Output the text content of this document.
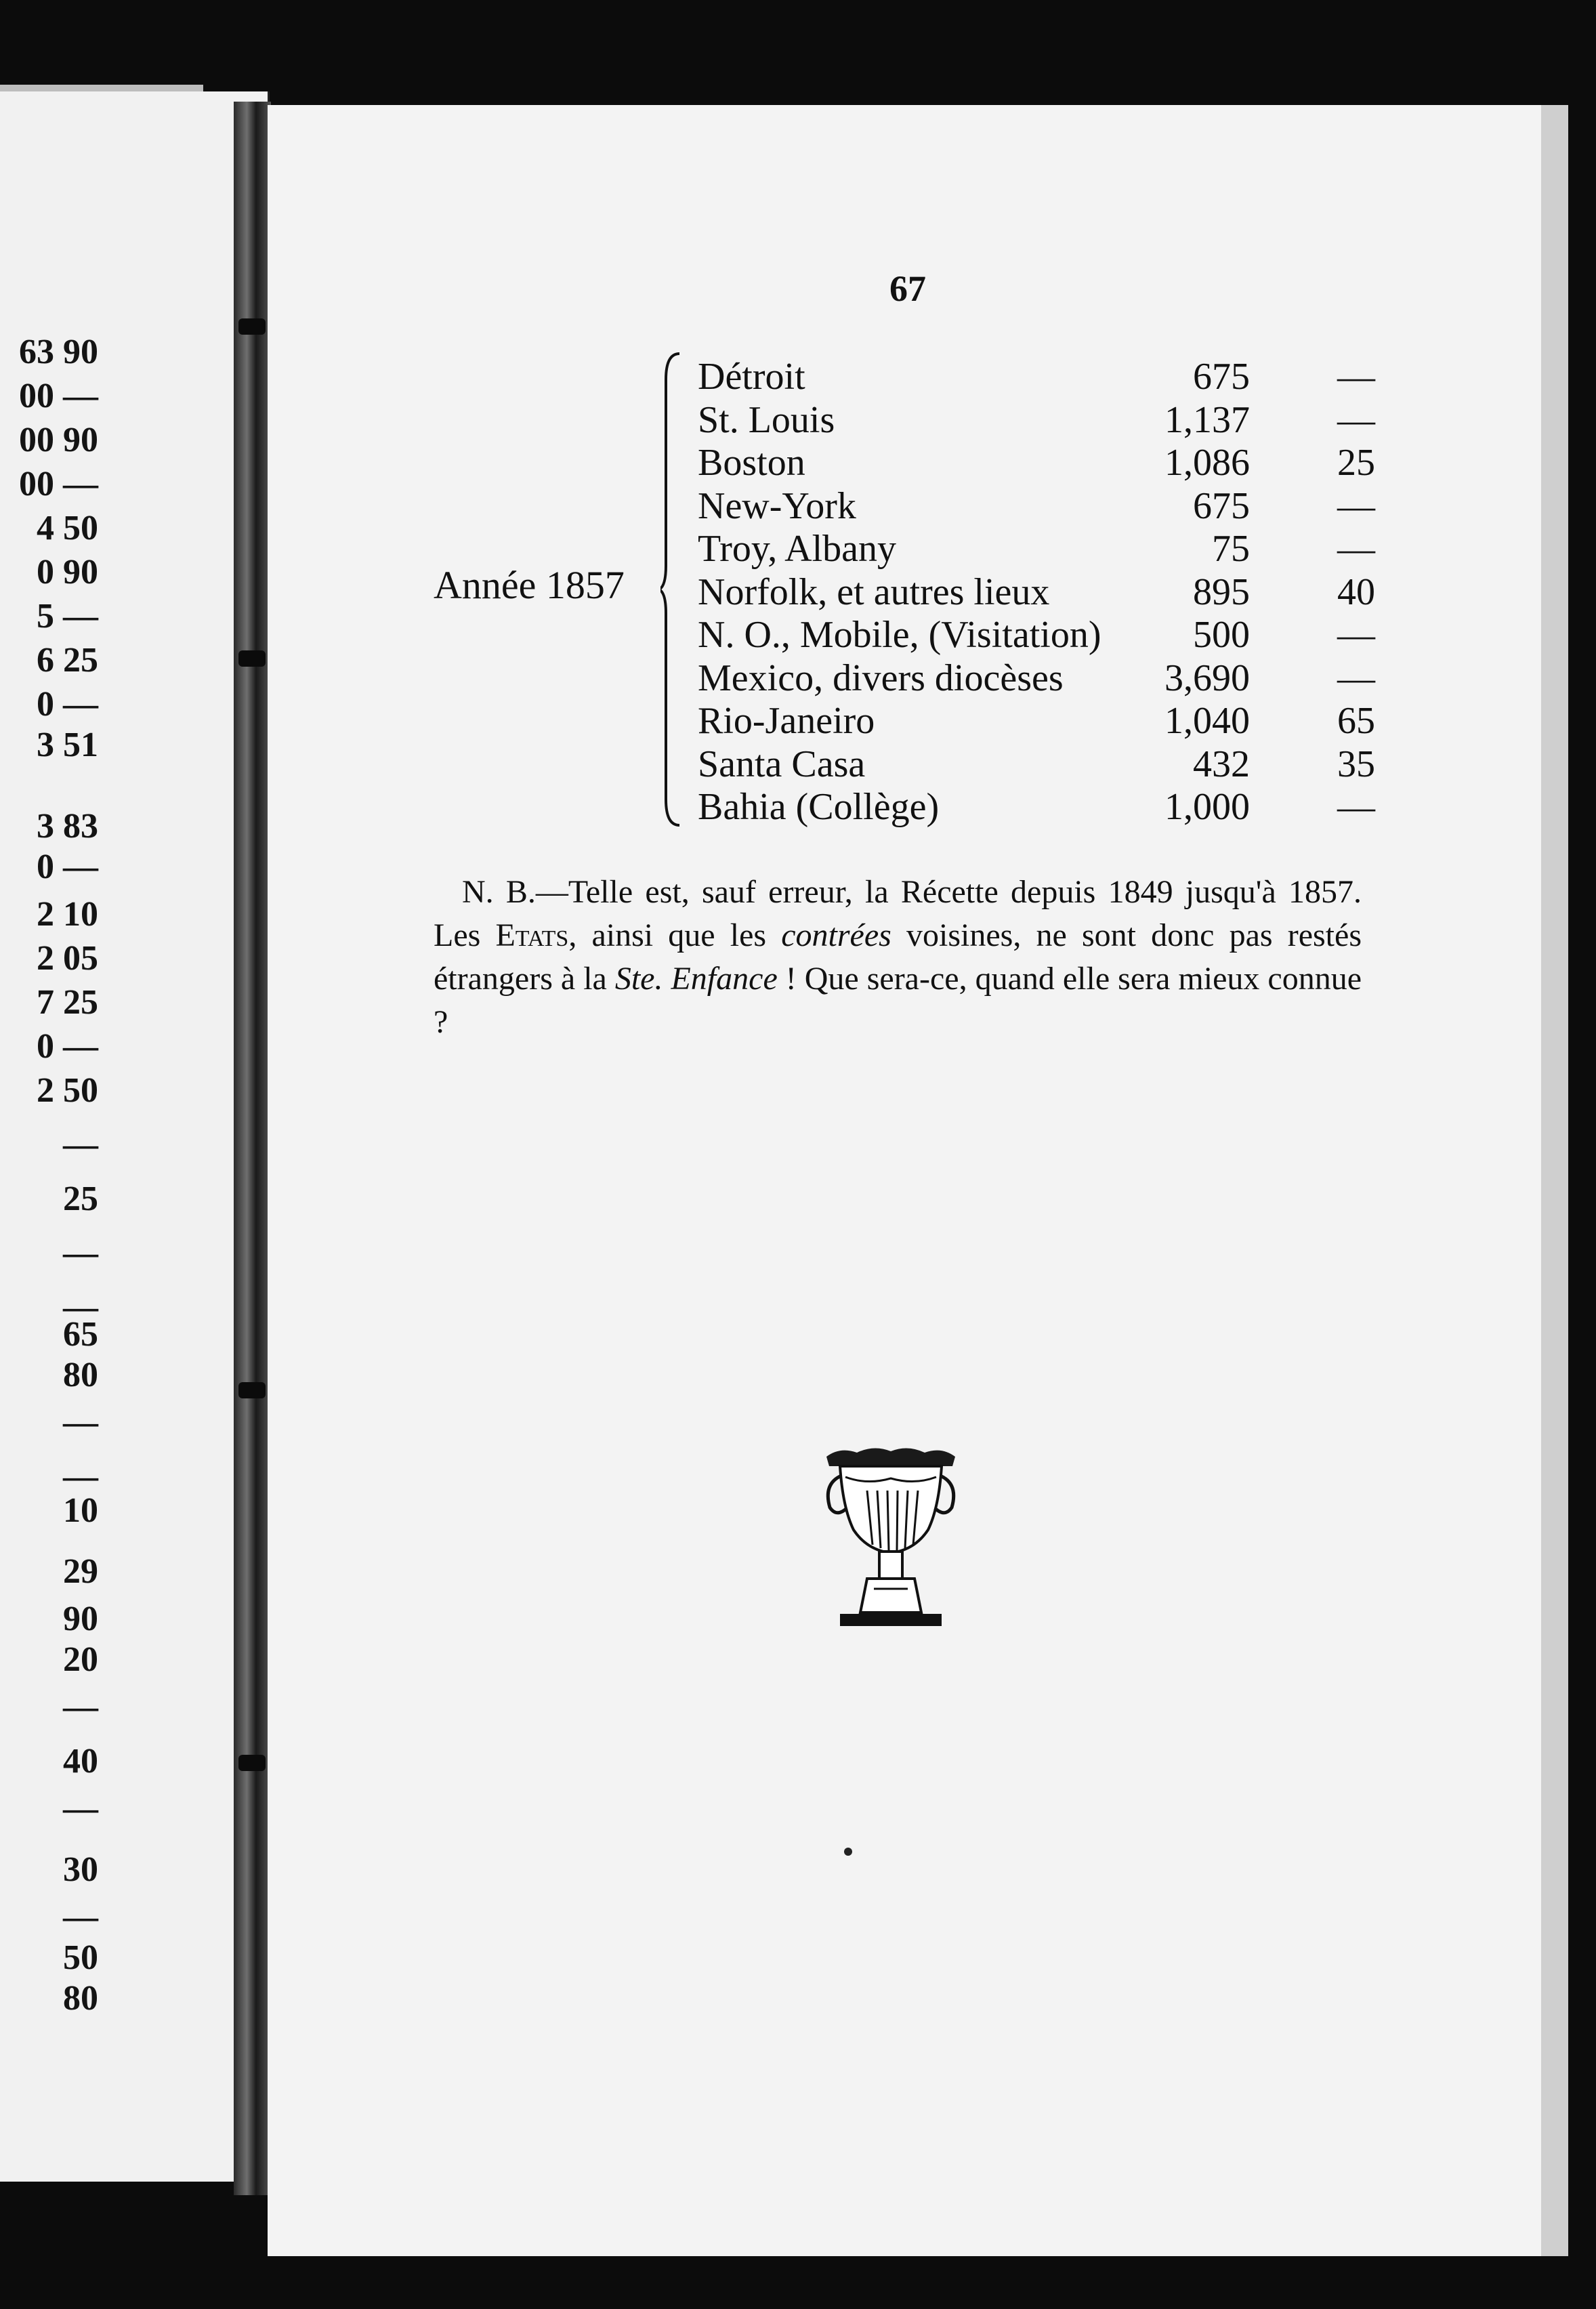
63 90
00 —
00 90
00 —
4 50
0 90
5 —
6 25
0 —
3 51
3 83
0 —
2 10
2 05
7 25
0 —
2 50
—
25
—
—
65
80
—
—
10
29
90
20
—
40
—
30
—
50
80
67
Année 1857
Détroit	675	—
St. Louis	1,137	—
Boston	1,086	25
New-York	675	—
Troy, Albany	75	—
Norfolk, et autres lieux	895	40
N. O., Mobile, (Visitation) 500	—
Mexico, divers diocèses	3,690	—
Rio-Janeiro	1,040	65
Santa Casa	432	35
Bahia (Collège)	1,000	—
N. B.—Telle est, sauf erreur, la Récette depuis 1849 jusqu'à 1857. Les Etats, ainsi que les contrées voisines, ne sont donc pas restés étrangers à la Ste. Enfance ! Que sera-ce, quand elle sera mieux connue ?
